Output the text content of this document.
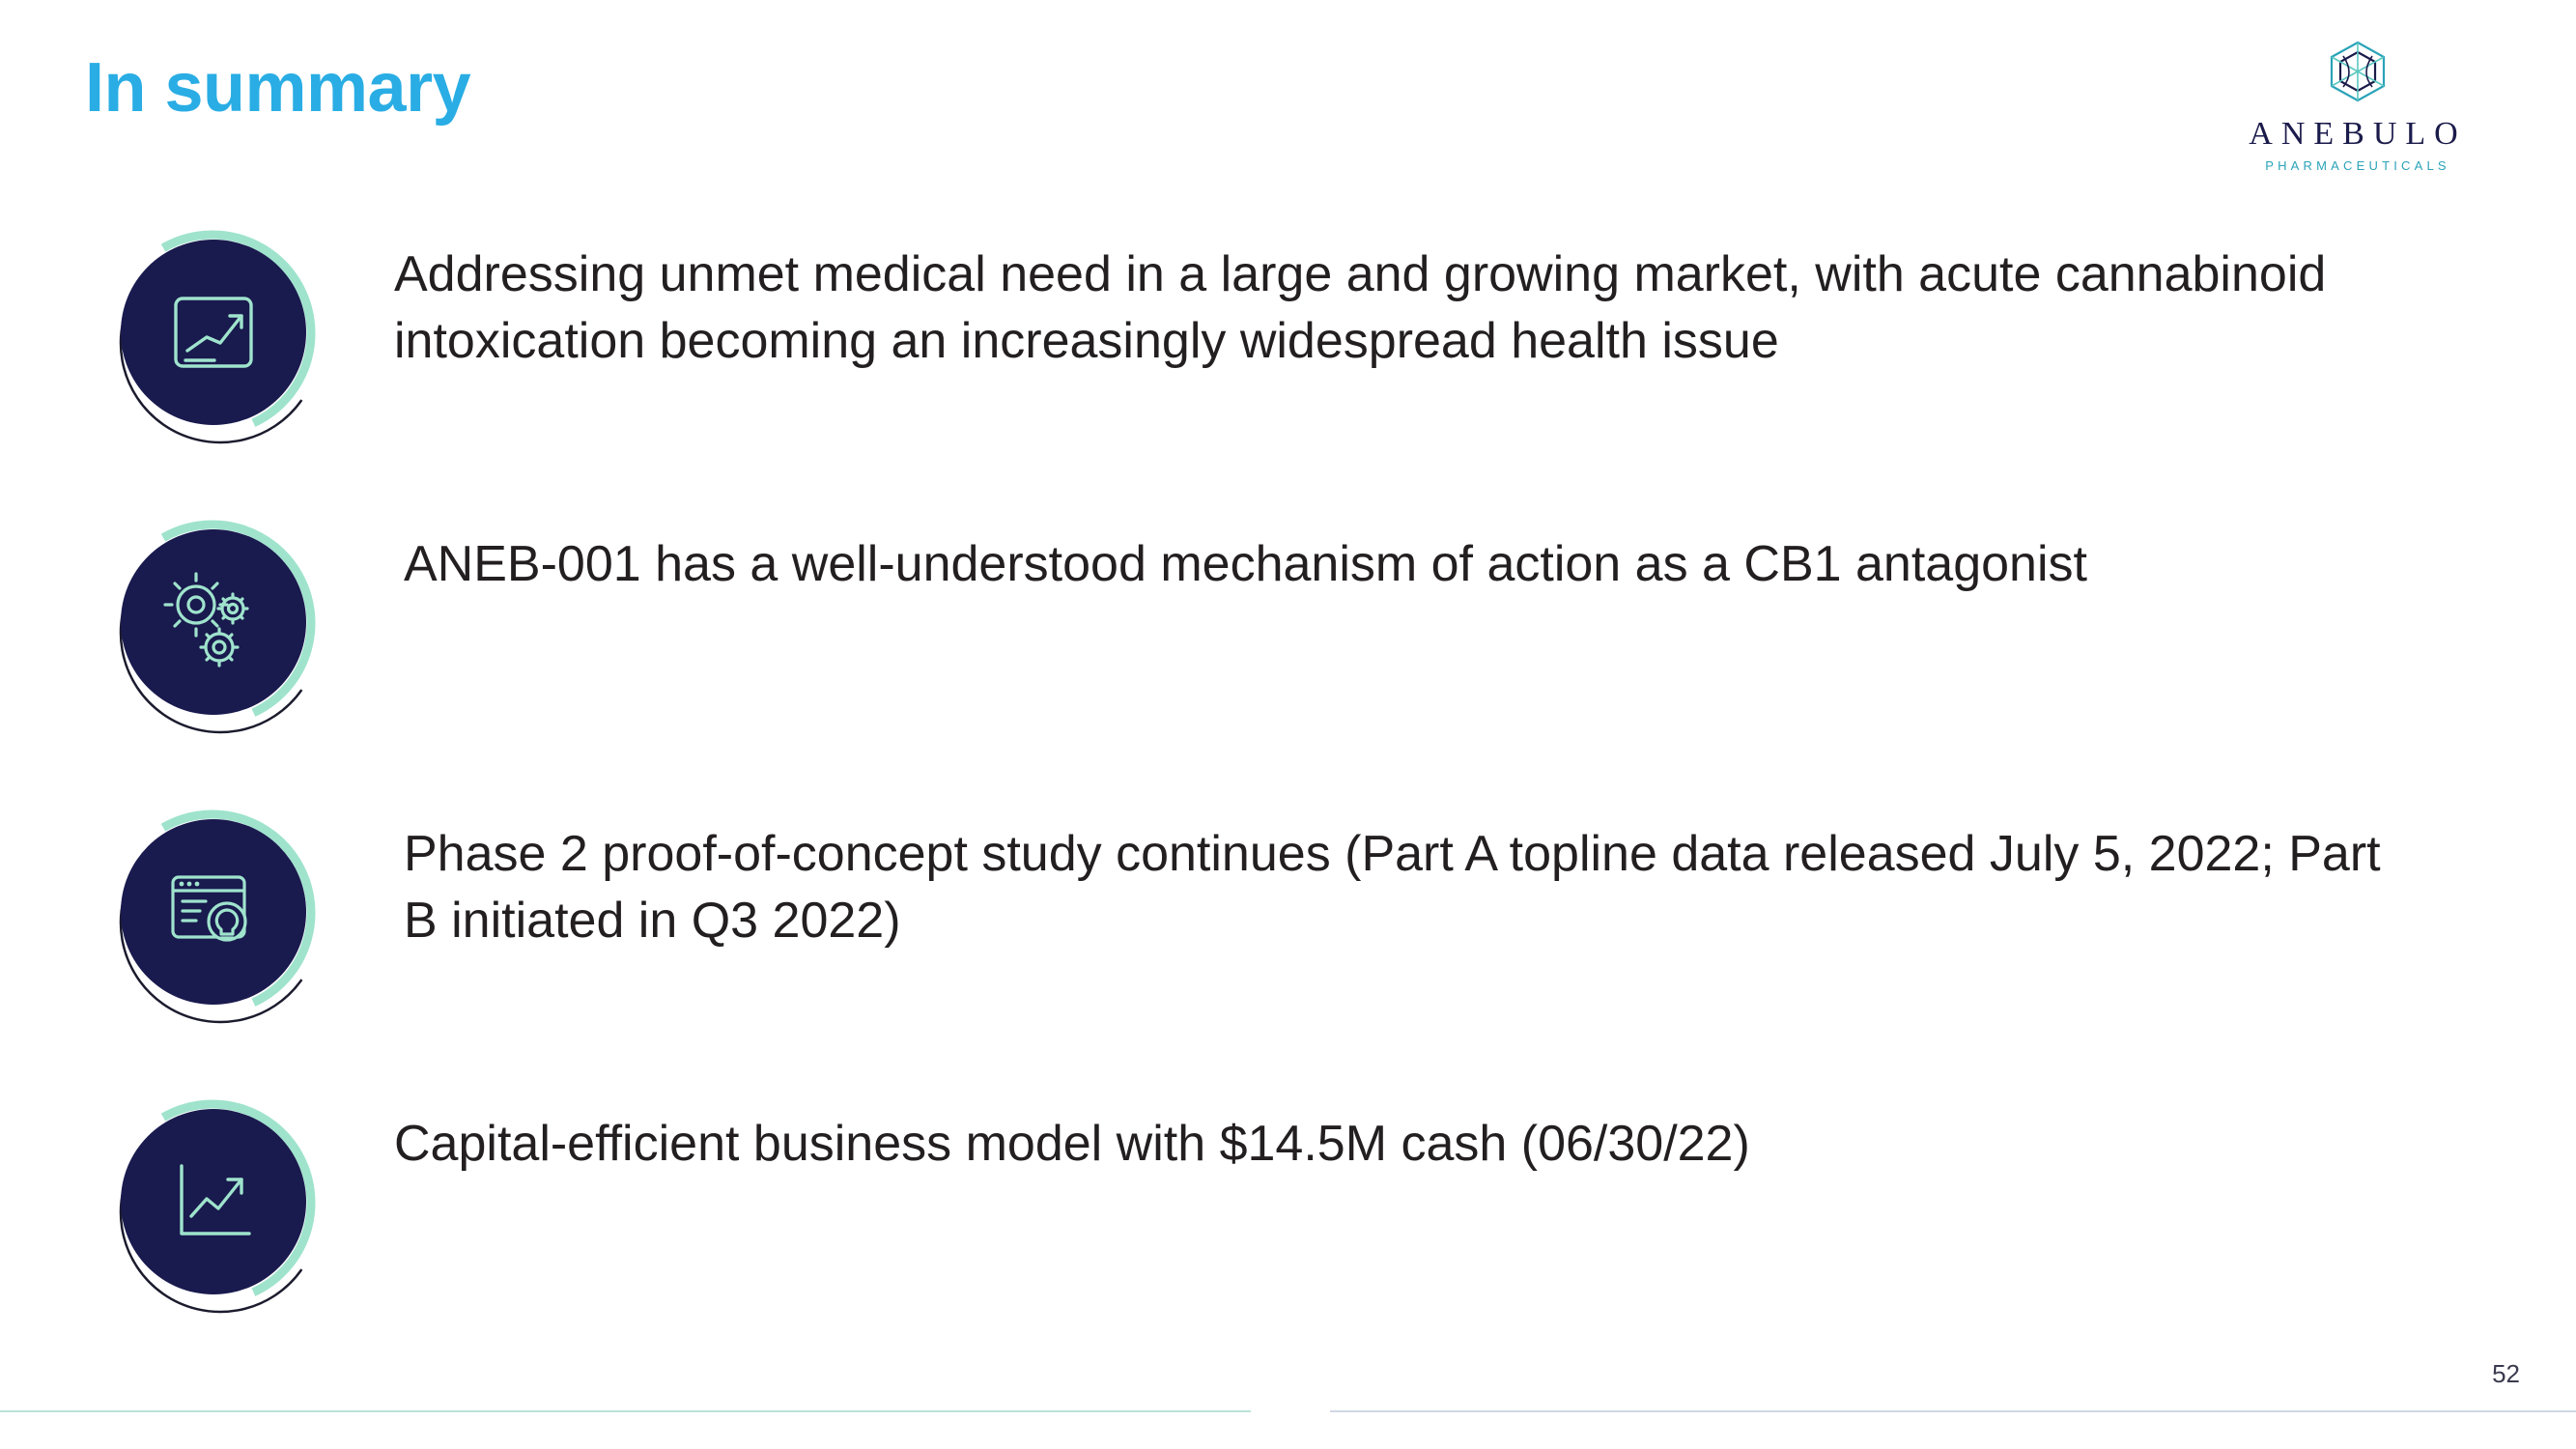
In summary
ANEBULO
PHARMACEUTICALS
Addressing unmet medical need in a large and growing market, with acute cannabinoid intoxication becoming an increasingly widespread health issue
ANEB-001 has a well-understood mechanism of action as a CB1 antagonist
Phase 2 proof-of-concept study continues (Part A topline data released July 5, 2022; Part B initiated in Q3 2022)
Capital-efficient business model with $14.5M cash (06/30/22)
52
